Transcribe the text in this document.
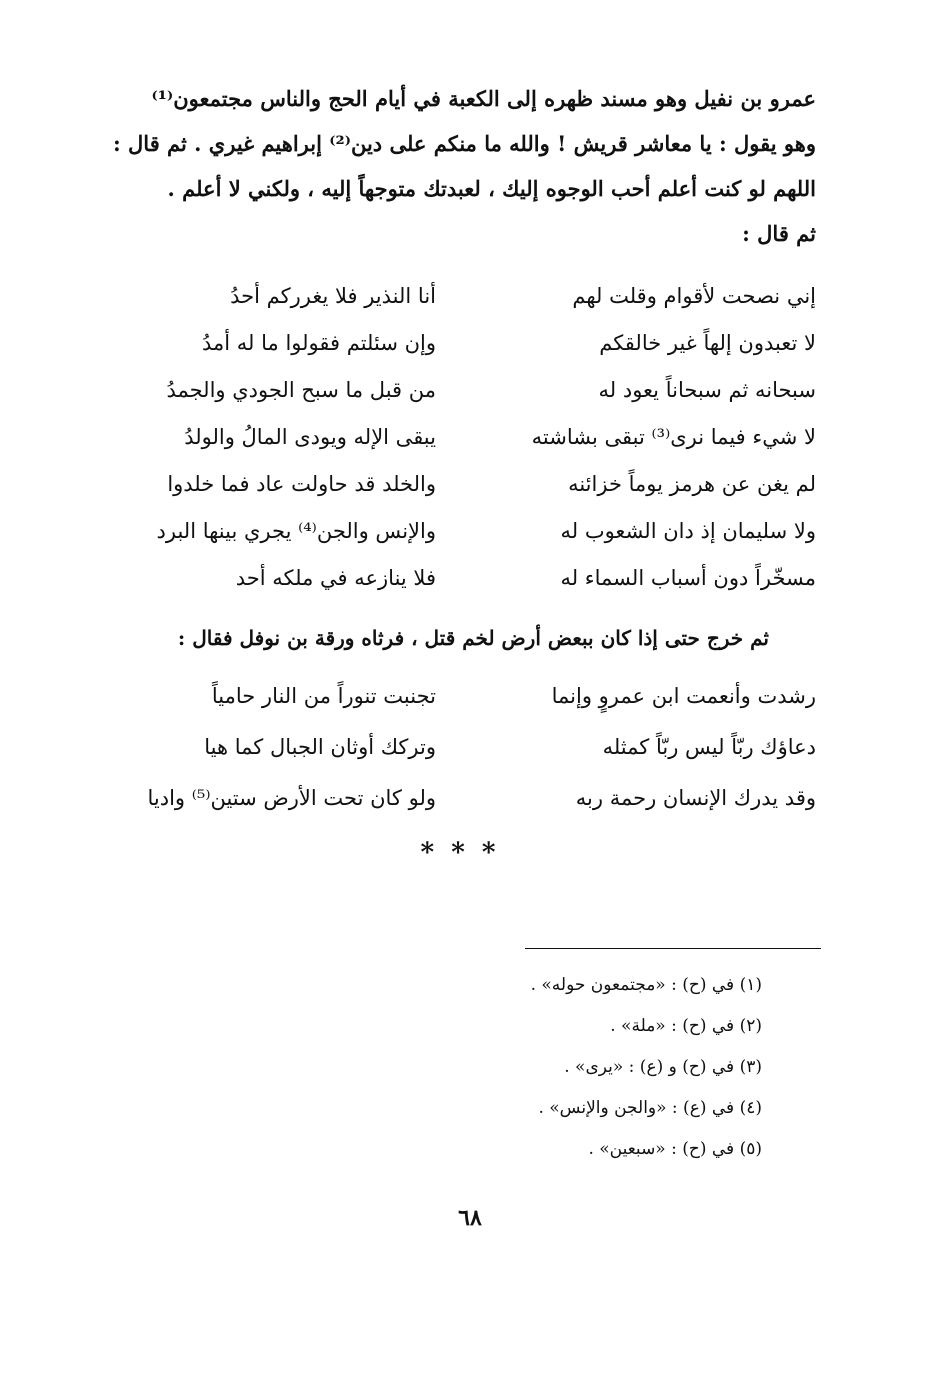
عمرو بن نفيل وهو مسند ظهره إلى الكعبة في أيام الحج والناس مجتمعون⁽¹⁾

وهو يقول : يا معاشر قريش ! والله ما منكم على دين⁽²⁾ إبراهيم غيري . ثم قال :

اللهم لو كنت أعلم أحب الوجوه إليك ، لعبدتك متوجهاً إليه ، ولكني لا أعلم .

ثم قال :

إني نصحت لأقوام وقلت لهم
أنا النذير فلا يغرركم أحدُ
لا تعبدون إلهاً غير خالقكم
وإن سئلتم فقولوا ما له أمدُ
سبحانه ثم سبحاناً يعود له
من قبل ما سبح الجودي والجمدُ
لا شيء فيما نرى⁽³⁾ تبقى بشاشته
يبقى الإله ويودى المالُ والولدُ
لم يغن عن هرمز يوماً خزائنه
والخلد قد حاولت عاد فما خلدوا
ولا سليمان إذ دان الشعوب له
والإنس والجن⁽⁴⁾ يجري بينها البرد
مسخّراً دون أسباب السماء له
فلا ينازعه في ملكه أحد
ثم خرج حتى إذا كان ببعض أرض لخم قتل ، فرثاه ورقة بن نوفل فقال :
رشدت وأنعمت ابن عمروٍ وإنما
تجنبت تنوراً من النار حامياً
دعاؤك ربّاً ليس ربّاً كمثله
وتركك أوثان الجبال كما هيا
وقد يدرك الإنسان رحمة ربه
ولو كان تحت الأرض ستين⁽⁵⁾ واديا
* * *
(١) في (ح) : «مجتمعون حوله» .
(٢) في (ح) : «ملة» .
(٣) في (ح) و (ع) : «يرى» .
(٤) في (ع) : «والجن والإنس» .
(٥) في (ح) : «سبعين» .
٦٨
